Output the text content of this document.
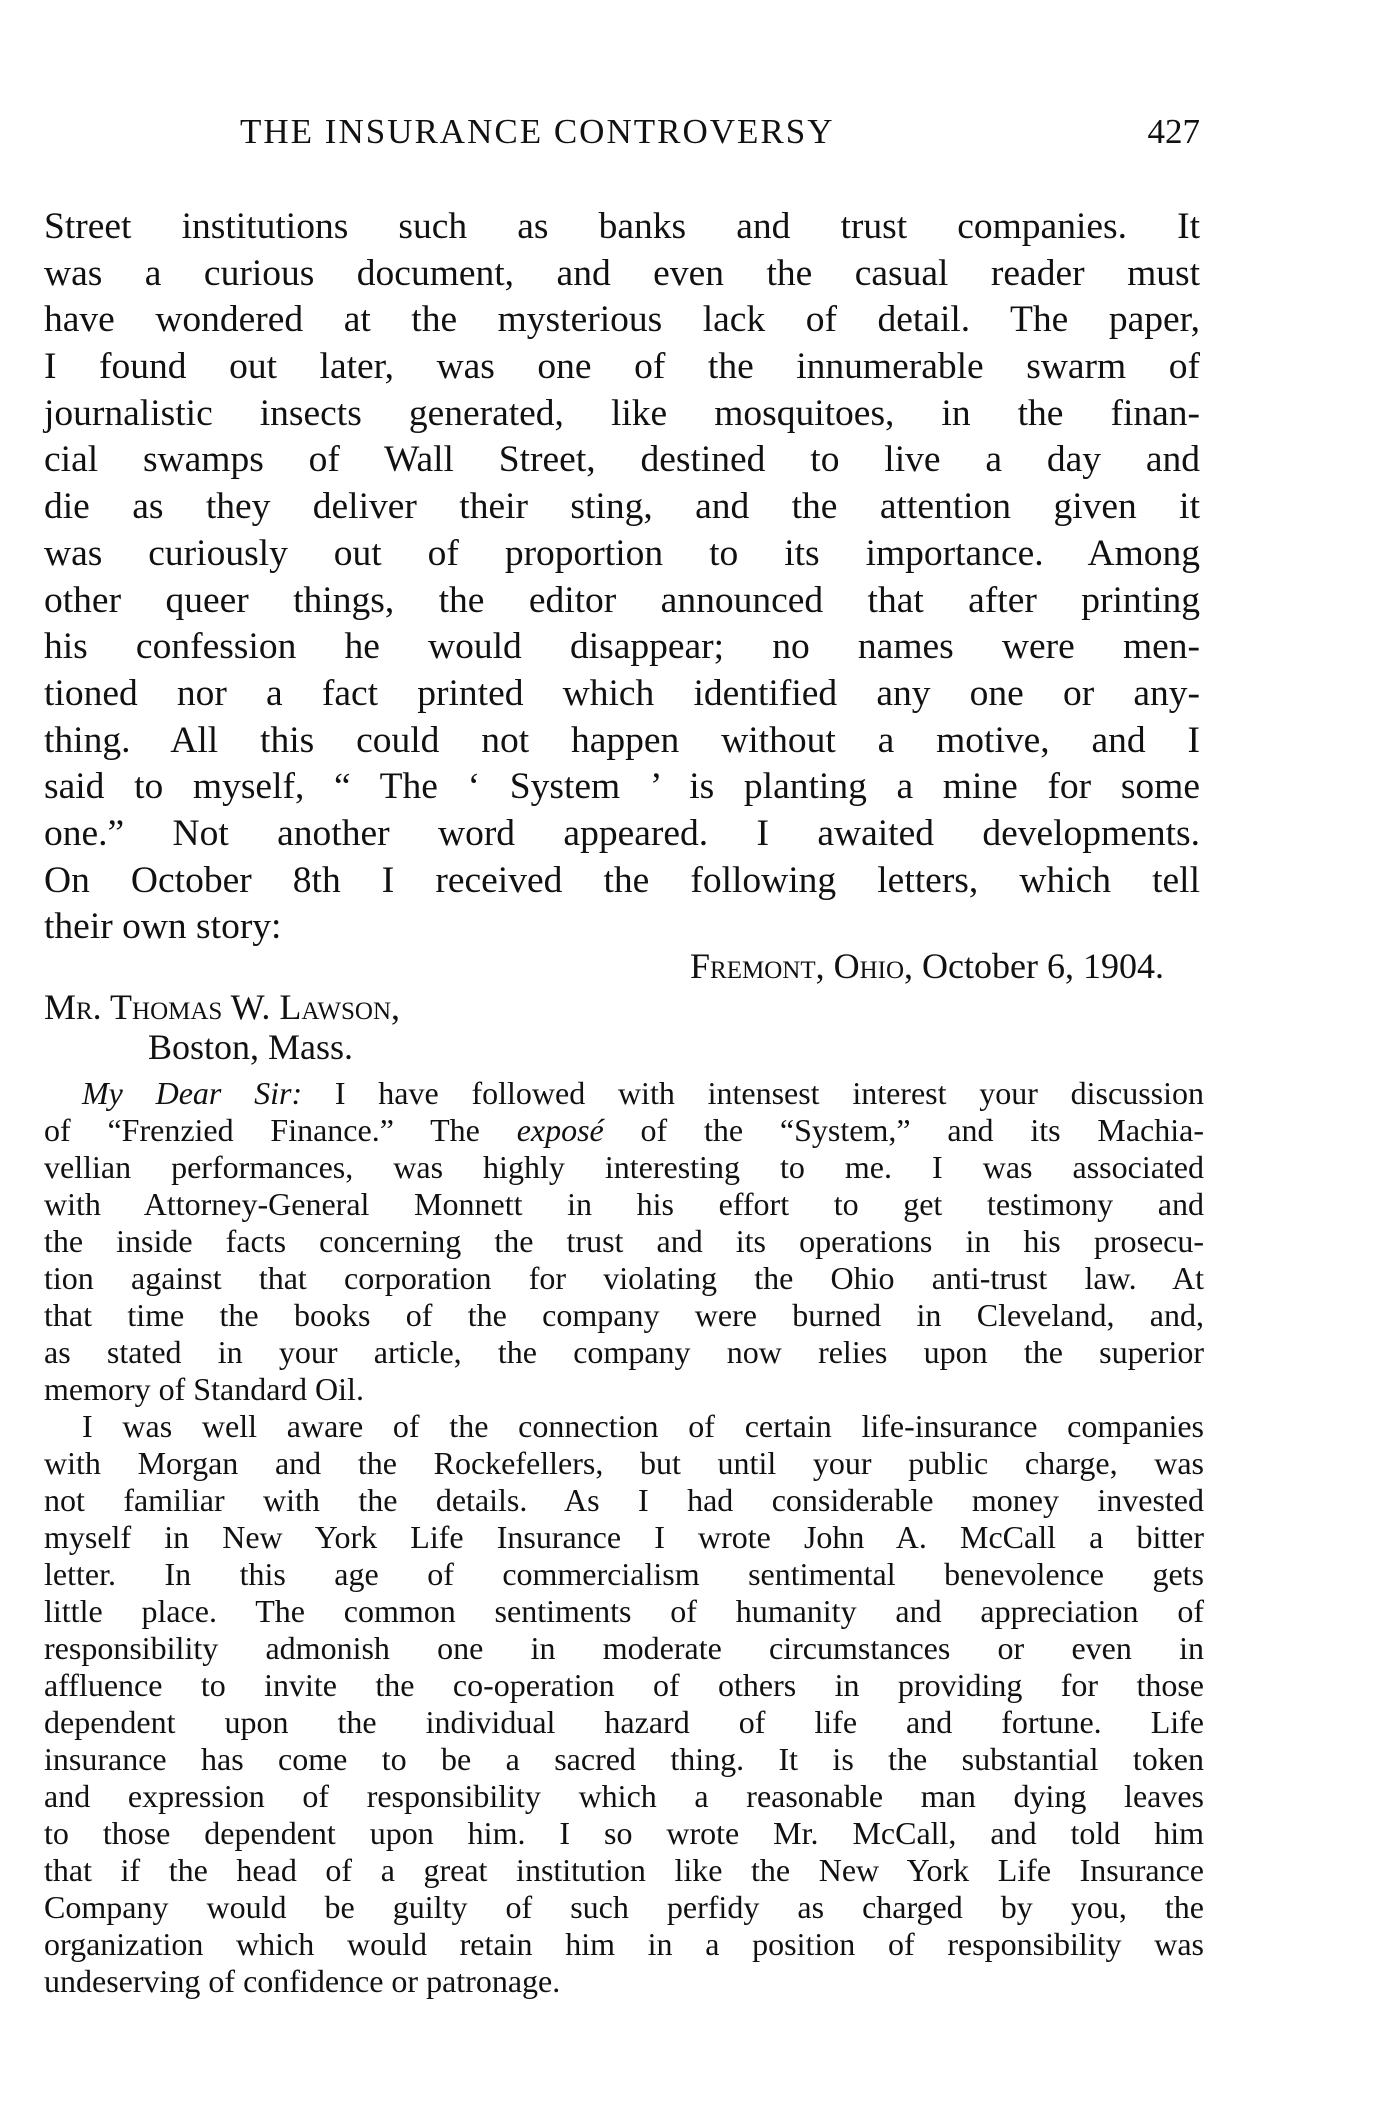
THE INSURANCE CONTROVERSY	427
Street institutions such as banks and trust companies. It
was a curious document, and even the casual reader must
have wondered at the mysterious lack of detail. The paper,
I found out later, was one of the innumerable swarm of
journalistic insects generated, like mosquitoes, in the finan-
cial swamps of Wall Street, destined to live a day and
die as they deliver their sting, and the attention given it
was curiously out of proportion to its importance. Among
other queer things, the editor announced that after printing
his confession he would disappear; no names were men-
tioned nor a fact printed which identified any one or any-
thing. All this could not happen without a motive, and I
said to myself, “ The ‘ System ’ is planting a mine for some
one.” Not another word appeared. I awaited developments.
On October 8th I received the following letters, which tell
their own story:
Fremont, Ohio, October 6, 1904.
Mr. Thomas W. Lawson,
Boston, Mass.
My Dear Sir: I have followed with intensest interest your discussion
of “Frenzied Finance.” The exposé of the “System,” and its Machia-
vellian performances, was highly interesting to me. I was associated
with Attorney-General Monnett in his effort to get testimony and
the inside facts concerning the trust and its operations in his prosecu-
tion against that corporation for violating the Ohio anti-trust law. At
that time the books of the company were burned in Cleveland, and,
as stated in your article, the company now relies upon the superior
memory of Standard Oil.
I was well aware of the connection of certain life-insurance companies
with Morgan and the Rockefellers, but until your public charge, was
not familiar with the details. As I had considerable money invested
myself in New York Life Insurance I wrote John A. McCall a bitter
letter. In this age of commercialism sentimental benevolence gets
little place. The common sentiments of humanity and appreciation of
responsibility admonish one in moderate circumstances or even in
affluence to invite the co-operation of others in providing for those
dependent upon the individual hazard of life and fortune. Life
insurance has come to be a sacred thing. It is the substantial token
and expression of responsibility which a reasonable man dying leaves
to those dependent upon him. I so wrote Mr. McCall, and told him
that if the head of a great institution like the New York Life Insurance
Company would be guilty of such perfidy as charged by you, the
organization which would retain him in a position of responsibility was
undeserving of confidence or patronage.
